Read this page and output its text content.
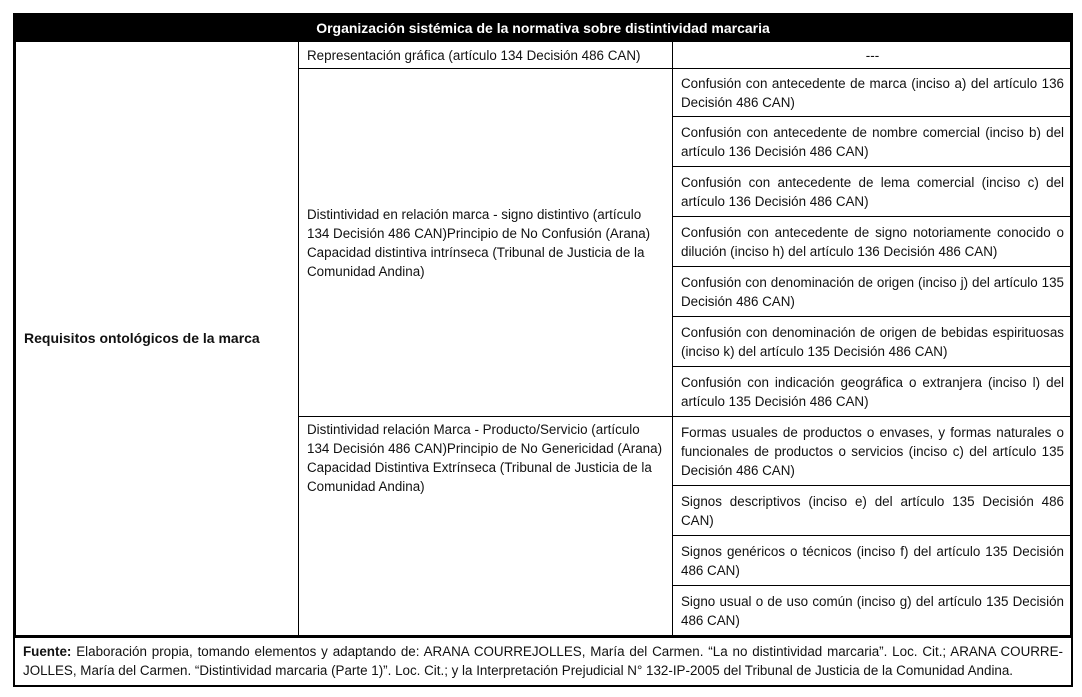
Organización sistémica de la normativa sobre distintividad marcaria
Requisitos ontológicos de la marca	Representación gráfica (artículo 134 Decisión 486 CAN)	---
	Distintividad en relación marca - signo distintivo (artículo 134 Decisión 486 CAN)Principio de No Confusión (Arana) Capacidad distintiva intrínseca (Tribunal de Justicia de la Comunidad Andina)	Confusión con antecedente de marca (inciso a) del artículo 136 Decisión 486 CAN)
		Confusión con antecedente de nombre comercial (inciso b) del artículo 136 Decisión 486 CAN)
		Confusión con antecedente de lema comercial (inciso c) del artículo 136 Decisión 486 CAN)
		Confusión con antecedente de signo notoriamente conocido o dilución (inciso h) del artículo 136 Decisión 486 CAN)
		Confusión con denominación de origen (inciso j) del artículo 135 Decisión 486 CAN)
		Confusión con denominación de origen de bebidas espirituosas (inciso k) del artículo 135 Decisión 486 CAN)
		Confusión con indicación geográfica o extranjera (inciso l) del artículo 135 Decisión 486 CAN)
	Distintividad relación Marca - Producto/Servicio (artículo 134 Decisión 486 CAN)Principio de No Genericidad (Arana) Capacidad Distintiva Extrínseca (Tribunal de Justicia de la Comunidad Andina)	Formas usuales de productos o envases, y formas naturales o funcionales de productos o servicios (inciso c) del artículo 135 Decisión 486 CAN)
		Signos descriptivos (inciso e) del artículo 135 Decisión 486 CAN)
		Signos genéricos o técnicos (inciso f) del artículo 135 Decisión 486 CAN)
		Signo usual o de uso común (inciso g) del artículo 135 Decisión 486 CAN)
Fuente: Elaboración propia, tomando elementos y adaptando de: ARANA COURREJOLLES, María del Carmen. “La no distintividad marcaria”. Loc. Cit.; ARANA COURRE-JOLLES, María del Carmen. “Distintividad marcaria (Parte 1)”. Loc. Cit.; y la Interpretación Prejudicial N° 132-IP-2005 del Tribunal de Justicia de la Comunidad Andina.
